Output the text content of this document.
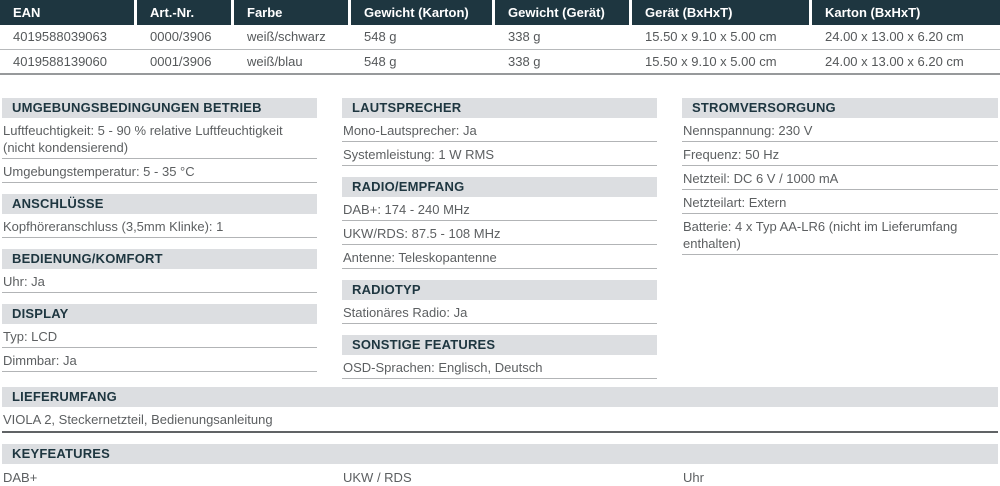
EAN	Art.-Nr.	Farbe	Gewicht (Karton)	Gewicht (Gerät)	Gerät (BxHxT)	Karton (BxHxT)
4019588039063	0000/3906	weiß/schwarz	548 g	338 g	15.50 x 9.10 x 5.00 cm	24.00 x 13.00 x 6.20 cm
4019588139060	0001/3906	weiß/blau	548 g	338 g	15.50 x 9.10 x 5.00 cm	24.00 x 13.00 x 6.20 cm
UMGEBUNGSBEDINGUNGEN BETRIEB
Luftfeuchtigkeit: 5 - 90 % relative Luftfeuchtigkeit (nicht kondensierend)
Umgebungstemperatur: 5 - 35 °C
ANSCHLÜSSE
Kopfhöreranschluss (3,5mm Klinke): 1
BEDIENUNG/KOMFORT
Uhr: Ja
DISPLAY
Typ: LCD
Dimmbar: Ja
LAUTSPRECHER
Mono-Lautsprecher: Ja
Systemleistung: 1 W RMS
RADIO/EMPFANG
DAB+: 174 - 240 MHz
UKW/RDS: 87.5 - 108 MHz
Antenne: Teleskopantenne
RADIOTYP
Stationäres Radio: Ja
SONSTIGE FEATURES
OSD-Sprachen: Englisch, Deutsch
STROMVERSORGUNG
Nennspannung: 230 V
Frequenz: 50 Hz
Netzteil: DC 6 V / 1000 mA
Netzteilart: Extern
Batterie: 4 x Typ AA-LR6 (nicht im Lieferumfang enthalten)
LIEFERUMFANG
VIOLA 2, Steckernetzteil, Bedienungsanleitung
KEYFEATURES
DAB+	UKW / RDS	Uhr
